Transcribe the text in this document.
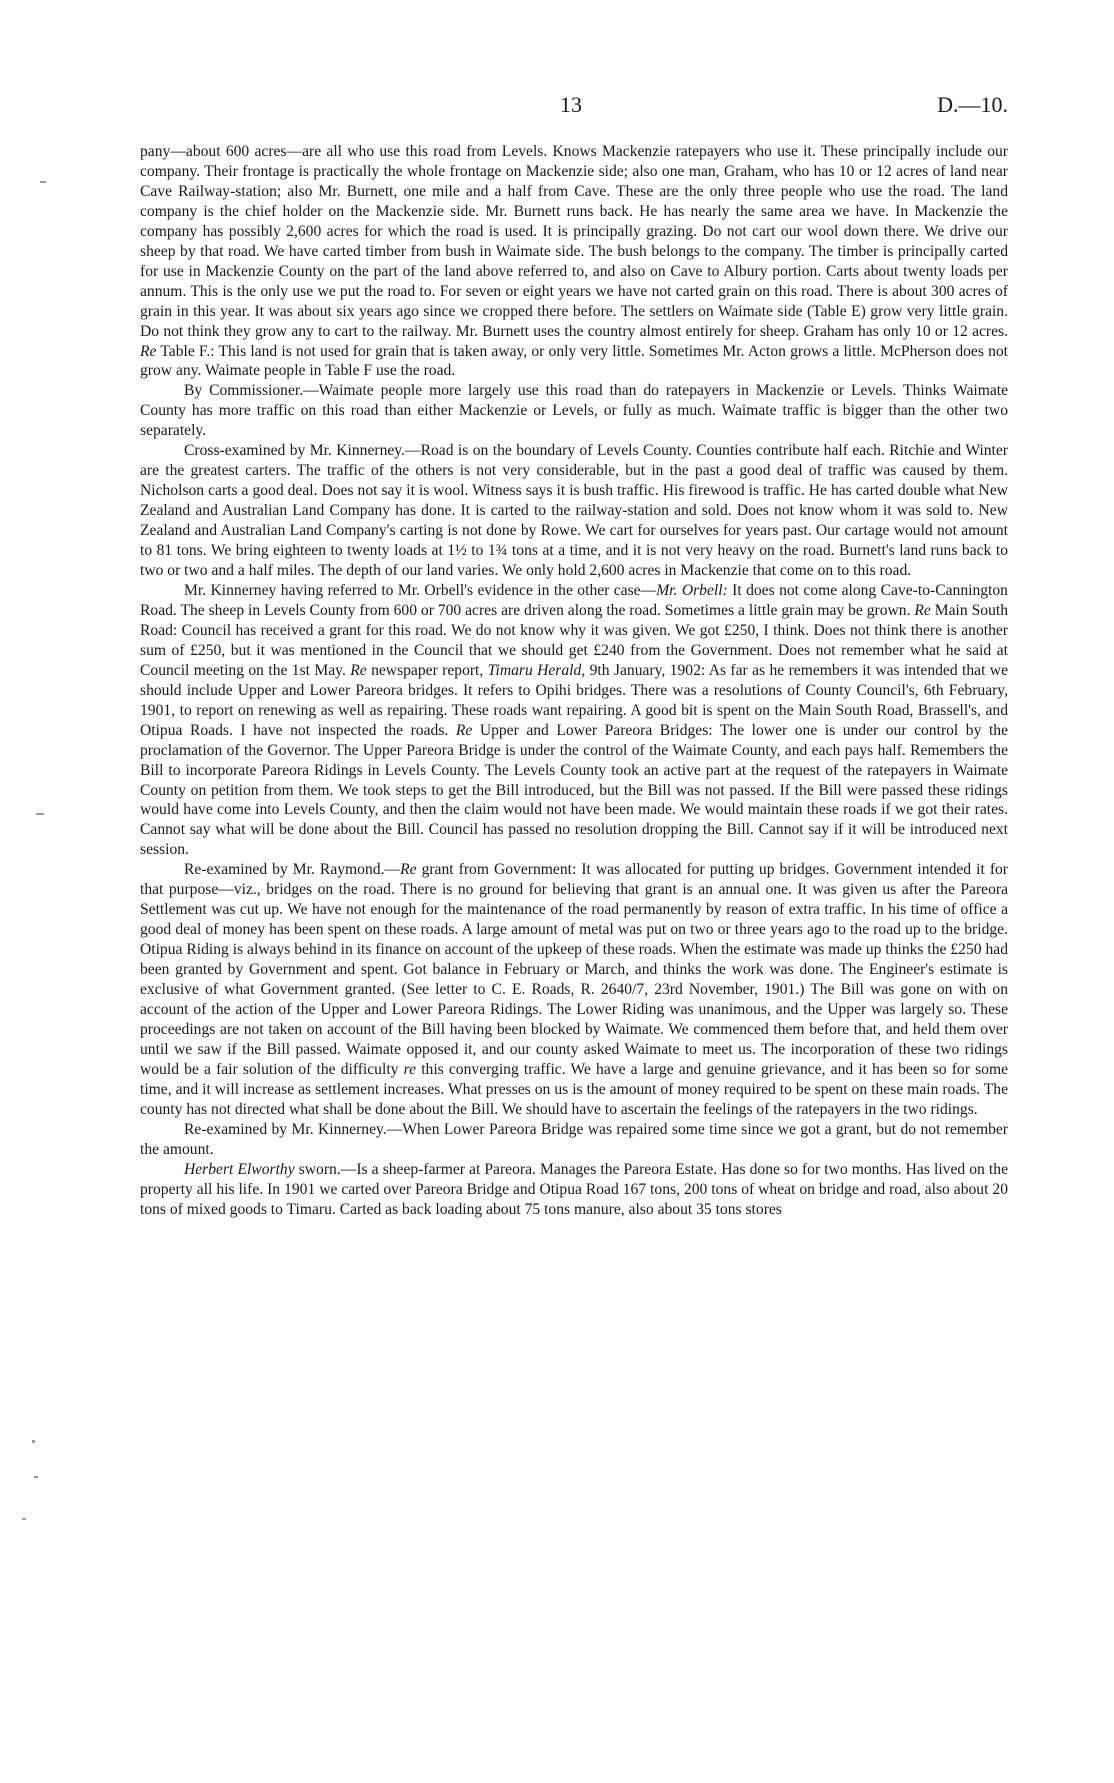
13	D.—10.

pany—about 600 acres—are all who use this road from Levels. Knows Mackenzie ratepayers who use it. These principally include our company. Their frontage is practically the whole frontage on Mackenzie side; also one man, Graham, who has 10 or 12 acres of land near Cave Railway-station; also Mr. Burnett, one mile and a half from Cave. These are the only three people who use the road. The land company is the chief holder on the Mackenzie side. Mr. Burnett runs back. He has nearly the same area we have. In Mackenzie the company has possibly 2,600 acres for which the road is used. It is principally grazing. Do not cart our wool down there. We drive our sheep by that road. We have carted timber from bush in Waimate side. The bush belongs to the company. The timber is principally carted for use in Mackenzie County on the part of the land above referred to, and also on Cave to Albury portion. Carts about twenty loads per annum. This is the only use we put the road to. For seven or eight years we have not carted grain on this road. There is about 300 acres of grain in this year. It was about six years ago since we cropped there before. The settlers on Waimate side (Table E) grow very little grain. Do not think they grow any to cart to the railway. Mr. Burnett uses the country almost entirely for sheep. Graham has only 10 or 12 acres. Re Table F.: This land is not used for grain that is taken away, or only very little. Sometimes Mr. Acton grows a little. McPherson does not grow any. Waimate people in Table F use the road.

By Commissioner.—Waimate people more largely use this road than do ratepayers in Mackenzie or Levels. Thinks Waimate County has more traffic on this road than either Mackenzie or Levels, or fully as much. Waimate traffic is bigger than the other two separately.

Cross-examined by Mr. Kinnerney.—Road is on the boundary of Levels County. Counties contribute half each. Ritchie and Winter are the greatest carters. The traffic of the others is not very considerable, but in the past a good deal of traffic was caused by them. Nicholson carts a good deal. Does not say it is wool. Witness says it is bush traffic. His firewood is traffic. He has carted double what New Zealand and Australian Land Company has done. It is carted to the railway-station and sold. Does not know whom it was sold to. New Zealand and Australian Land Company's carting is not done by Rowe. We cart for ourselves for years past. Our cartage would not amount to 81 tons. We bring eighteen to twenty loads at 1½ to 1¾ tons at a time, and it is not very heavy on the road. Burnett's land runs back to two or two and a half miles. The depth of our land varies. We only hold 2,600 acres in Mackenzie that come on to this road.

Mr. Kinnerney having referred to Mr. Orbell's evidence in the other case—Mr. Orbell: It does not come along Cave-to-Cannington Road. The sheep in Levels County from 600 or 700 acres are driven along the road. Sometimes a little grain may be grown. Re Main South Road: Council has received a grant for this road. We do not know why it was given. We got £250, I think. Does not think there is another sum of £250, but it was mentioned in the Council that we should get £240 from the Government. Does not remember what he said at Council meeting on the 1st May. Re newspaper report, Timaru Herald, 9th January, 1902: As far as he remembers it was intended that we should include Upper and Lower Pareora bridges. It refers to Opihi bridges. There was a resolutions of County Council's, 6th February, 1901, to report on renewing as well as repairing. These roads want repairing. A good bit is spent on the Main South Road, Brassell's, and Otipua Roads. I have not inspected the roads. Re Upper and Lower Pareora Bridges: The lower one is under our control by the proclamation of the Governor. The Upper Pareora Bridge is under the control of the Waimate County, and each pays half. Remembers the Bill to incorporate Pareora Ridings in Levels County. The Levels County took an active part at the request of the ratepayers in Waimate County on petition from them. We took steps to get the Bill introduced, but the Bill was not passed. If the Bill were passed these ridings would have come into Levels County, and then the claim would not have been made. We would maintain these roads if we got their rates. Cannot say what will be done about the Bill. Council has passed no resolution dropping the Bill. Cannot say if it will be introduced next session.

Re-examined by Mr. Raymond.—Re grant from Government: It was allocated for putting up bridges. Government intended it for that purpose—viz., bridges on the road. There is no ground for believing that grant is an annual one. It was given us after the Pareora Settlement was cut up. We have not enough for the maintenance of the road permanently by reason of extra traffic. In his time of office a good deal of money has been spent on these roads. A large amount of metal was put on two or three years ago to the road up to the bridge. Otipua Riding is always behind in its finance on account of the upkeep of these roads. When the estimate was made up thinks the £250 had been granted by Government and spent. Got balance in February or March, and thinks the work was done. The Engineer's estimate is exclusive of what Government granted. (See letter to C. E. Roads, R. 2640/7, 23rd November, 1901.) The Bill was gone on with on account of the action of the Upper and Lower Pareora Ridings. The Lower Riding was unanimous, and the Upper was largely so. These proceedings are not taken on account of the Bill having been blocked by Waimate. We commenced them before that, and held them over until we saw if the Bill passed. Waimate opposed it, and our county asked Waimate to meet us. The incorporation of these two ridings would be a fair solution of the difficulty re this converging traffic. We have a large and genuine grievance, and it has been so for some time, and it will increase as settlement increases. What presses on us is the amount of money required to be spent on these main roads. The county has not directed what shall be done about the Bill. We should have to ascertain the feelings of the ratepayers in the two ridings.

Re-examined by Mr. Kinnerney.—When Lower Pareora Bridge was repaired some time since we got a grant, but do not remember the amount.

Herbert Elworthy sworn.—Is a sheep-farmer at Pareora. Manages the Pareora Estate. Has done so for two months. Has lived on the property all his life. In 1901 we carted over Pareora Bridge and Otipua Road 167 tons, 200 tons of wheat on bridge and road, also about 20 tons of mixed goods to Timaru. Carted as back loading about 75 tons manure, also about 35 tons stores
